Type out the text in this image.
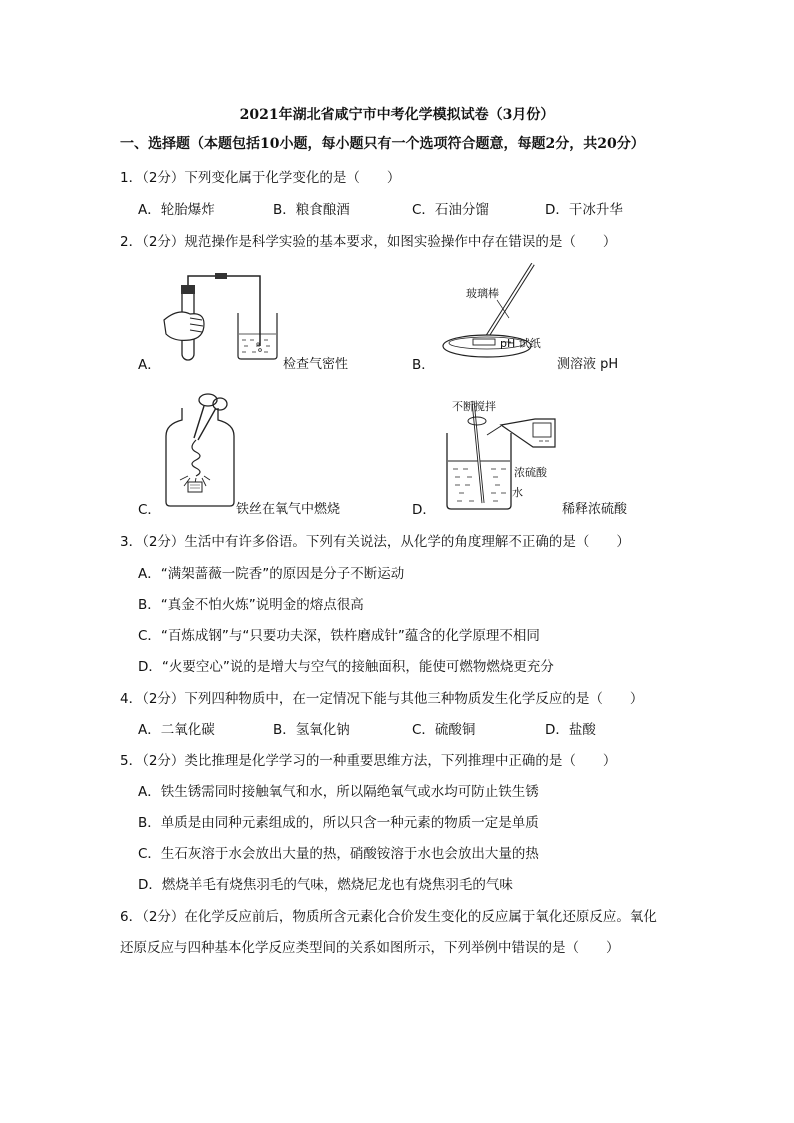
2021年湖北省咸宁市中考化学模拟试卷（3月份）
一、选择题（本题包括10小题，每小题只有一个选项符合题意，每题2分，共20分）
1．（2分）下列变化属于化学变化的是（　　）
A．轮胎爆炸	B．粮食酿酒	C．石油分馏	D．干冰升华
2．（2分）规范操作是科学实验的基本要求，如图实验操作中存在错误的是（　　）
A．	检查气密性	B．
玻璃棒
pH 试纸
测溶液 pH
C．	铁丝在氧气中燃烧	D．
不断搅拌
浓硫酸
水
稀释浓硫酸
3．（2分）生活中有许多俗语。下列有关说法，从化学的角度理解不正确的是（　　）
A．“满架蔷薇一院香”的原因是分子不断运动
B．“真金不怕火炼”说明金的熔点很高
C．“百炼成钢”与“只要功夫深，铁杵磨成针”蕴含的化学原理不相同
D．“火要空心”说的是增大与空气的接触面积，能使可燃物燃烧更充分
4．（2分）下列四种物质中，在一定情况下能与其他三种物质发生化学反应的是（　　）
A．二氧化碳	B．氢氧化钠	C．硫酸铜	D．盐酸
5．（2分）类比推理是化学学习的一种重要思维方法，下列推理中正确的是（　　）
A．铁生锈需同时接触氧气和水，所以隔绝氧气或水均可防止铁生锈
B．单质是由同种元素组成的，所以只含一种元素的物质一定是单质
C．生石灰溶于水会放出大量的热，硝酸铵溶于水也会放出大量的热
D．燃烧羊毛有烧焦羽毛的气味，燃烧尼龙也有烧焦羽毛的气味
6．（2分）在化学反应前后，物质所含元素化合价发生变化的反应属于氧化还原反应。氧化
还原反应与四种基本化学反应类型间的关系如图所示，下列举例中错误的是（　　）
